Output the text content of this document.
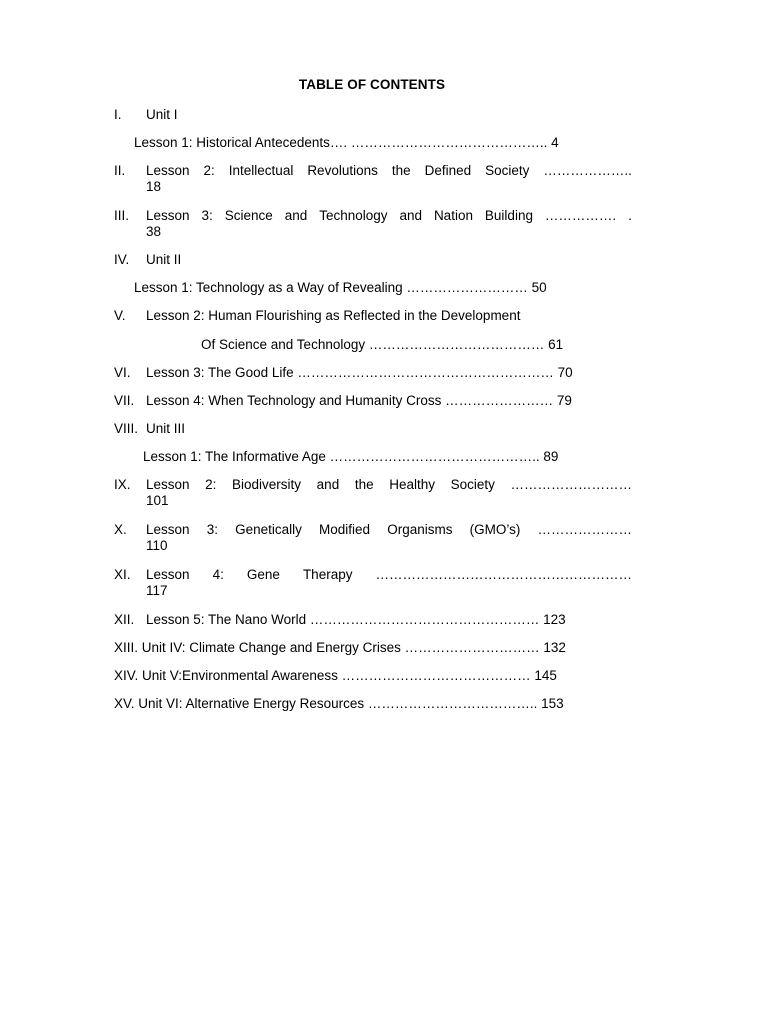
TABLE OF CONTENTS
I. Unit I
Lesson 1: Historical Antecedents…. …………………………………….. 4
II. Lesson 2: Intellectual Revolutions the Defined Society ………………..
18
III. Lesson 3: Science and Technology and Nation Building ……………. .
38
IV. Unit II
Lesson 1: Technology as a Way of Revealing ……………………… 50
V. Lesson 2: Human Flourishing as Reflected in the Development
Of Science and Technology ………………………………… 61
VI. Lesson 3: The Good Life ………………………………………………… 70
VII. Lesson 4: When Technology and Humanity Cross …………………… 79
VIII. Unit III
Lesson 1: The Informative Age ……………………………………….. 89
IX. Lesson 2: Biodiversity and the Healthy Society ………………………
101
X. Lesson 3: Genetically Modified Organisms (GMO’s) …………………
110
XI. Lesson 4: Gene Therapy …………………………………………………
117
XII. Lesson 5: The Nano World …………………………………………… 123
XIII. Unit IV: Climate Change and Energy Crises ………………………… 132
XIV. Unit V:Environmental Awareness …………………………………… 145
XV. Unit VI: Alternative Energy Resources ……………………………….. 153
